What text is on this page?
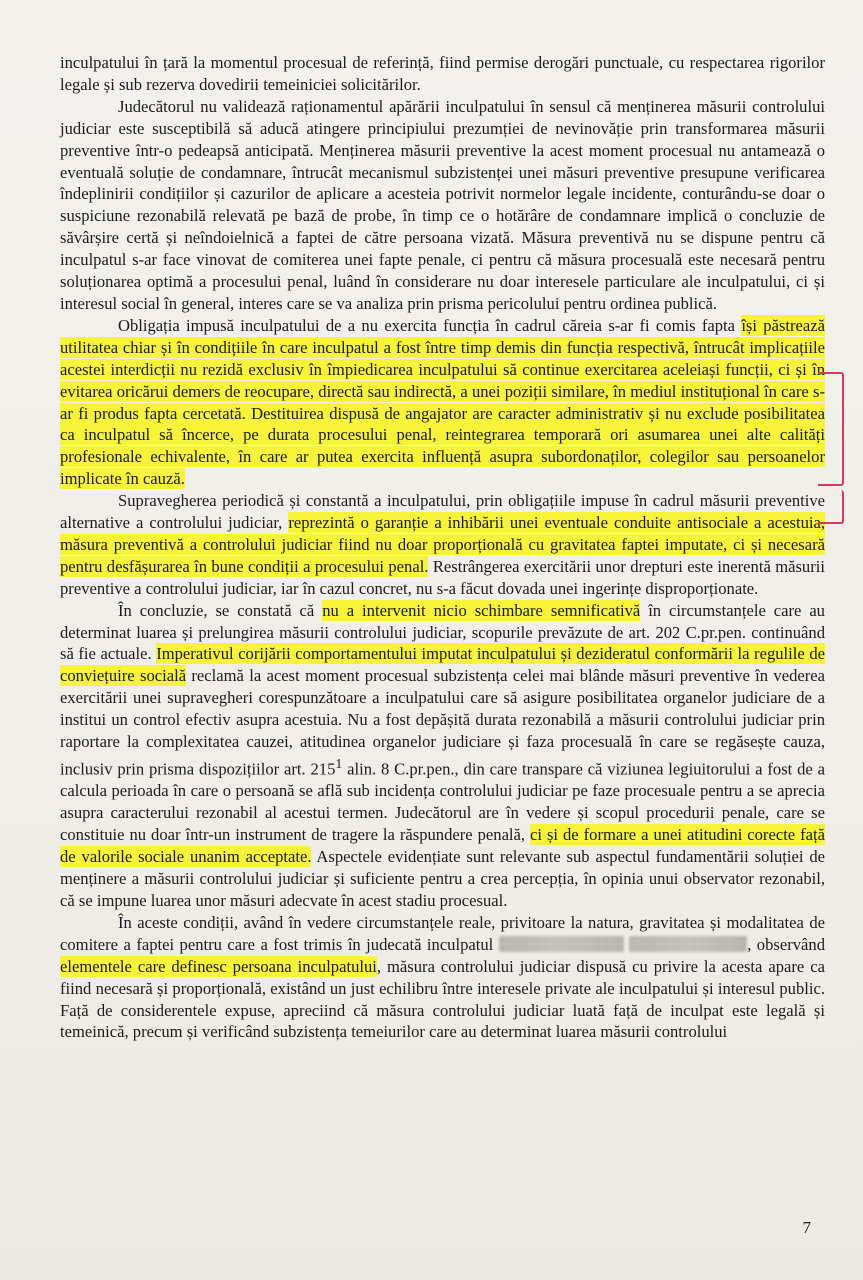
inculpatului în țară la momentul procesual de referință, fiind permise derogări punctuale, cu respectarea rigorilor legale și sub rezerva dovedirii temeiniciei solicitărilor.

Judecătorul nu validează raționamentul apărării inculpatului în sensul că menținerea măsurii controlului judiciar este susceptibilă să aducă atingere principiului prezumției de nevinovăție prin transformarea măsurii preventive într-o pedeapsă anticipată. Menținerea măsurii preventive la acest moment procesual nu antamează o eventuală soluție de condamnare, întrucât mecanismul subzistenței unei măsuri preventive presupune verificarea îndeplinirii condițiilor și cazurilor de aplicare a acesteia potrivit normelor legale incidente, conturându-se doar o suspiciune rezonabilă relevată pe bază de probe, în timp ce o hotărâre de condamnare implică o concluzie de săvârșire certă și neîndoielnică a faptei de către persoana vizată. Măsura preventivă nu se dispune pentru că inculpatul s-ar face vinovat de comiterea unei fapte penale, ci pentru că măsura procesuală este necesară pentru soluționarea optimă a procesului penal, luând în considerare nu doar interesele particulare ale inculpatului, ci și interesul social în general, interes care se va analiza prin prisma pericolului pentru ordinea publică.

Obligația impusă inculpatului de a nu exercita funcția în cadrul căreia s-ar fi comis fapta își păstrează utilitatea chiar și în condițiile în care inculpatul a fost între timp demis din funcția respectivă, întrucât implicațiile acestei interdicții nu rezidă exclusiv în împiedicarea inculpatului să continue exercitarea aceleiași funcții, ci și în evitarea oricărui demers de reocupare, directă sau indirectă, a unei poziții similare, în mediul instituțional în care s-ar fi produs fapta cercetată. Destituirea dispusă de angajator are caracter administrativ și nu exclude posibilitatea ca inculpatul să încerce, pe durata procesului penal, reintegrarea temporară ori asumarea unei alte calități profesionale echivalente, în care ar putea exercita influență asupra subordonaților, colegilor sau persoanelor implicate în cauză.

Supravegherea periodică și constantă a inculpatului, prin obligațiile impuse în cadrul măsurii preventive alternative a controlului judiciar, reprezintă o garanție a inhibării unei eventuale conduite antisociale a acestuia, măsura preventivă a controlului judiciar fiind nu doar proporțională cu gravitatea faptei imputate, ci și necesară pentru desfășurarea în bune condiții a procesului penal. Restrângerea exercitării unor drepturi este inerentă măsurii preventive a controlului judiciar, iar în cazul concret, nu s-a făcut dovada unei ingerințe disproporționate.

În concluzie, se constată că nu a intervenit nicio schimbare semnificativă în circumstanțele care au determinat luarea și prelungirea măsurii controlului judiciar, scopurile prevăzute de art. 202 C.pr.pen. continuând să fie actuale. Imperativul corijării comportamentului imputat inculpatului și dezideratul conformării la regulile de conviețuire socială reclamă la acest moment procesual subzistența celei mai blânde măsuri preventive în vederea exercitării unei supravegheri corespunzătoare a inculpatului care să asigure posibilitatea organelor judiciare de a institui un control efectiv asupra acestuia. Nu a fost depășită durata rezonabilă a măsurii controlului judiciar prin raportare la complexitatea cauzei, atitudinea organelor judiciare și faza procesuală în care se regăsește cauza, inclusiv prin prisma dispozițiilor art. $215^1$ alin. 8 C.pr.pen., din care transpare că viziunea legiuitorului a fost de a calcula perioada în care o persoană se află sub incidența controlului judiciar pe faze procesuale pentru a se aprecia asupra caracterului rezonabil al acestui termen. Judecătorul are în vedere și scopul procedurii penale, care se constituie nu doar într-un instrument de tragere la răspundere penală, ci și de formare a unei atitudini corecte față de valorile sociale unanim acceptate. Aspectele evidențiate sunt relevante sub aspectul fundamentării soluției de menținere a măsurii controlului judiciar și suficiente pentru a crea percepția, în opinia unui observator rezonabil, că se impune luarea unor măsuri adecvate în acest stadiu procesual.

În aceste condiții, având în vedere circumstanțele reale, privitoare la natura, gravitatea și modalitatea de comitere a faptei pentru care a fost trimis în judecată inculpatul	, observând elementele care definesc persoana inculpatului, măsura controlului judiciar dispusă cu privire la acesta apare ca fiind necesară și proporțională, existând un just echilibru între interesele private ale inculpatului și interesul public. Față de considerentele expuse, apreciind că măsura controlului judiciar luată față de inculpat este legală și temeinică, precum și verificând subzistența temeiurilor care au determinat luarea măsurii controlului

7
